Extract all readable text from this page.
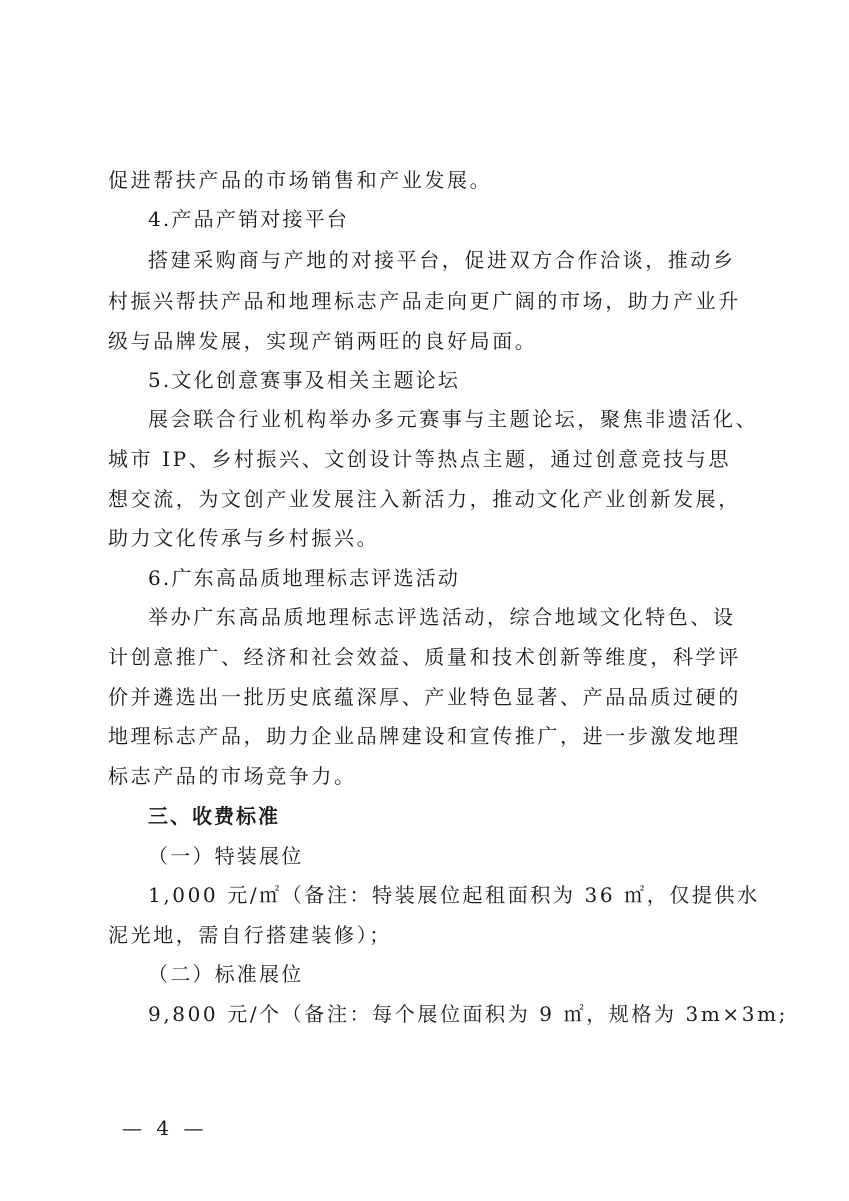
促进帮扶产品的市场销售和产业发展。
4.产品产销对接平台
搭建采购商与产地的对接平台，促进双方合作洽谈，推动乡
村振兴帮扶产品和地理标志产品走向更广阔的市场，助力产业升
级与品牌发展，实现产销两旺的良好局面。
5.文化创意赛事及相关主题论坛
展会联合行业机构举办多元赛事与主题论坛，聚焦非遗活化、
城市 IP、乡村振兴、文创设计等热点主题，通过创意竞技与思
想交流，为文创产业发展注入新活力，推动文化产业创新发展，
助力文化传承与乡村振兴。
6.广东高品质地理标志评选活动
举办广东高品质地理标志评选活动，综合地域文化特色、设
计创意推广、经济和社会效益、质量和技术创新等维度，科学评
价并遴选出一批历史底蕴深厚、产业特色显著、产品品质过硬的
地理标志产品，助力企业品牌建设和宣传推广，进一步激发地理
标志产品的市场竞争力。
三、收费标准
（一）特装展位
1,000 元/㎡（备注：特装展位起租面积为 36 ㎡，仅提供水
泥光地，需自行搭建装修）；
（二）标准展位
9,800 元/个（备注：每个展位面积为 9 ㎡，规格为 3m×3m;
— 4 —
